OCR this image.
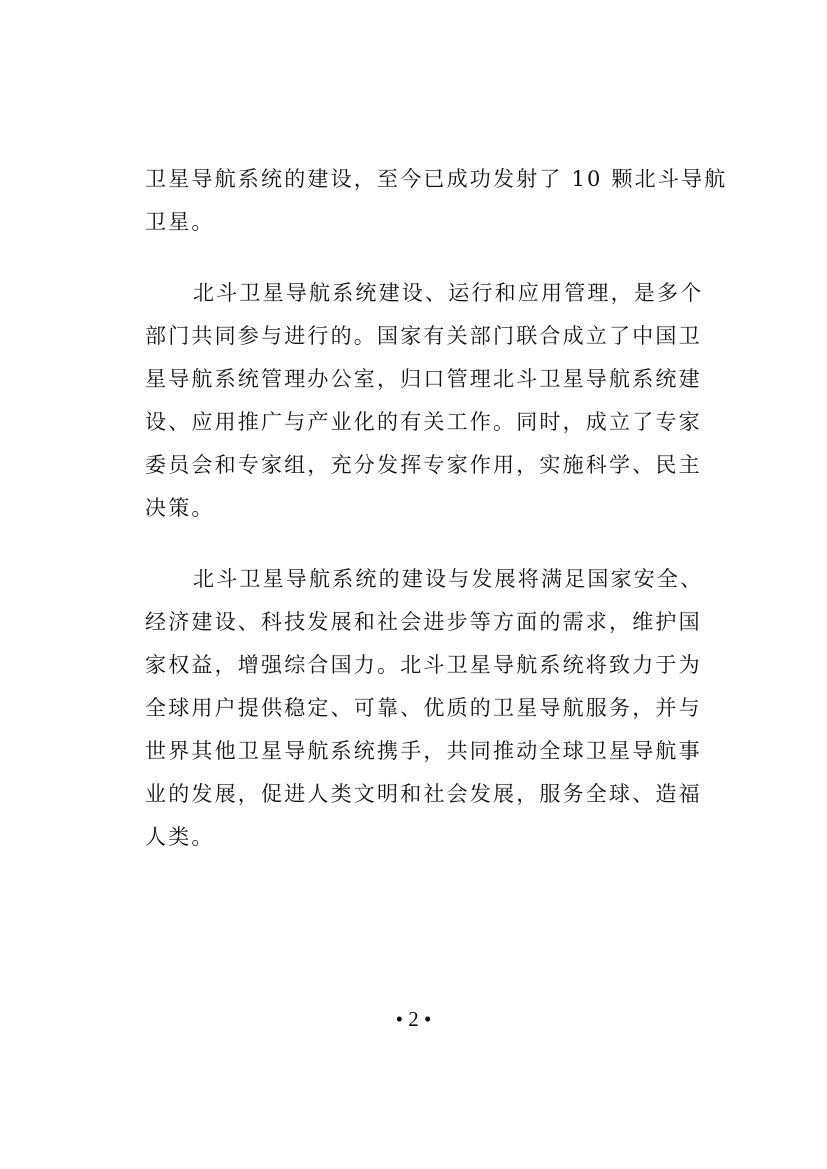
卫星导航系统的建设，至今已成功发射了 10 颗北斗导航
卫星。
北斗卫星导航系统建设、运行和应用管理，是多个
部门共同参与进行的。国家有关部门联合成立了中国卫
星导航系统管理办公室，归口管理北斗卫星导航系统建
设、应用推广与产业化的有关工作。同时，成立了专家
委员会和专家组，充分发挥专家作用，实施科学、民主
决策。
北斗卫星导航系统的建设与发展将满足国家安全、
经济建设、科技发展和社会进步等方面的需求，维护国
家权益，增强综合国力。北斗卫星导航系统将致力于为
全球用户提供稳定、可靠、优质的卫星导航服务，并与
世界其他卫星导航系统携手，共同推动全球卫星导航事
业的发展，促进人类文明和社会发展，服务全球、造福
人类。
• 2 •
